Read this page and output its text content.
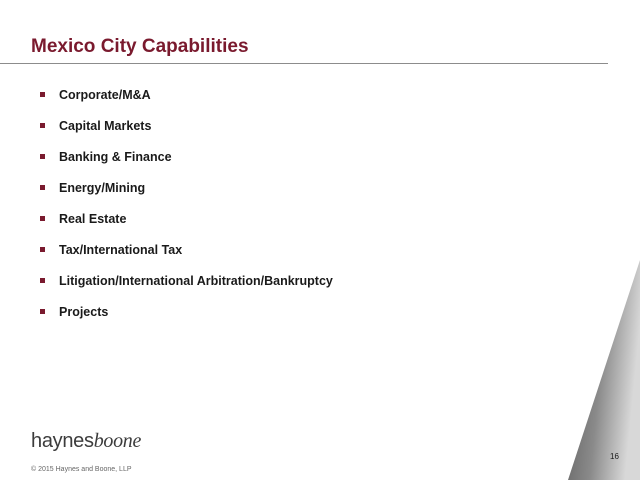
Mexico City Capabilities
Corporate/M&A
Capital Markets
Banking & Finance
Energy/Mining
Real Estate
Tax/International Tax
Litigation/International Arbitration/Bankruptcy
Projects
haynesboone
© 2015 Haynes and Boone, LLP
16
